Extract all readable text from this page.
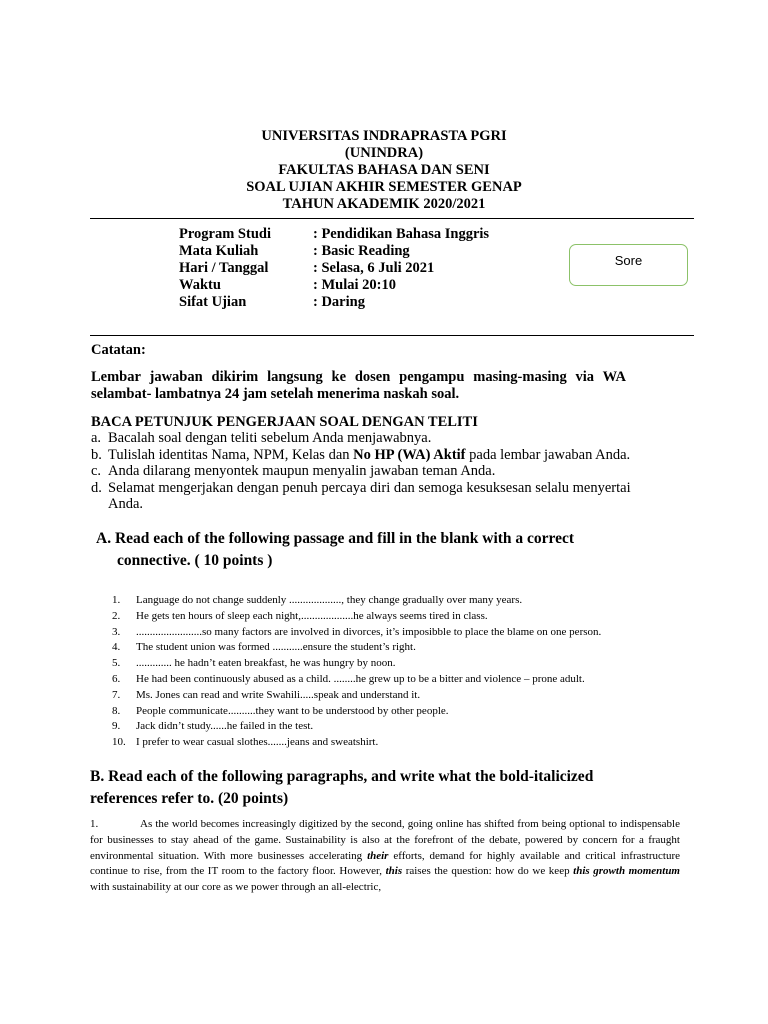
UNIVERSITAS INDRAPRASTA PGRI
(UNINDRA)
FAKULTAS BAHASA DAN SENI
SOAL UJIAN AKHIR SEMESTER GENAP
TAHUN AKADEMIK 2020/2021
Program Studi	: Pendidikan Bahasa Inggris
Mata Kuliah	: Basic Reading
Hari / Tanggal	: Selasa, 6 Juli 2021
Waktu	: Mulai 20:10
Sifat Ujian	: Daring
Sore
Catatan:
Lembar jawaban dikirim langsung ke dosen pengampu masing-masing via WA selambat- lambatnya 24 jam setelah menerima naskah soal.
BACA PETUNJUK PENGERJAAN SOAL DENGAN TELITI
a. Bacalah soal dengan teliti sebelum Anda menjawabnya.
b. Tulislah identitas Nama, NPM, Kelas dan No HP (WA) Aktif pada lembar jawaban Anda.
c. Anda dilarang menyontek maupun menyalin jawaban teman Anda.
d. Selamat mengerjakan dengan penuh percaya diri dan semoga kesuksesan selalu menyertai
Anda.
A. Read each of the following passage and fill in the blank with a correct
connective. ( 10 points )
1.	Language do not change suddenly ..................., they change gradually over many years.
2.	He gets ten hours of sleep each night,...................he always seems tired in class.
3.	........................so many factors are involved in divorces, it’s imposibble to place the blame on one person.
4.	The student union was formed ...........ensure the student’s right.
5.	............. he hadn’t eaten breakfast, he was hungry by noon.
6.	He had been continuously abused as a child. ........he grew up to be a bitter and violence – prone adult.
7.	Ms. Jones can read and write Swahili.....speak and understand it.
8.	People communicate..........they want to be understood by other people.
9.	Jack didn’t study......he failed in the test.
10. I prefer to wear casual slothes.......jeans and sweatshirt.
B. Read each of the following paragraphs, and write what the bold-italicized
references refer to. (20 points)
1.	As the world becomes increasingly digitized by the second, going online has shifted from being optional to indispensable for businesses to stay ahead of the game. Sustainability is also at the forefront of the debate, powered by concern for a fraught environmental situation. With more businesses accelerating their efforts, demand for highly available and critical infrastructure continue to rise, from the IT room to the factory floor. However, this raises the question: how do we keep this growth momentum with sustainability at our core as we power through an all-electric,
